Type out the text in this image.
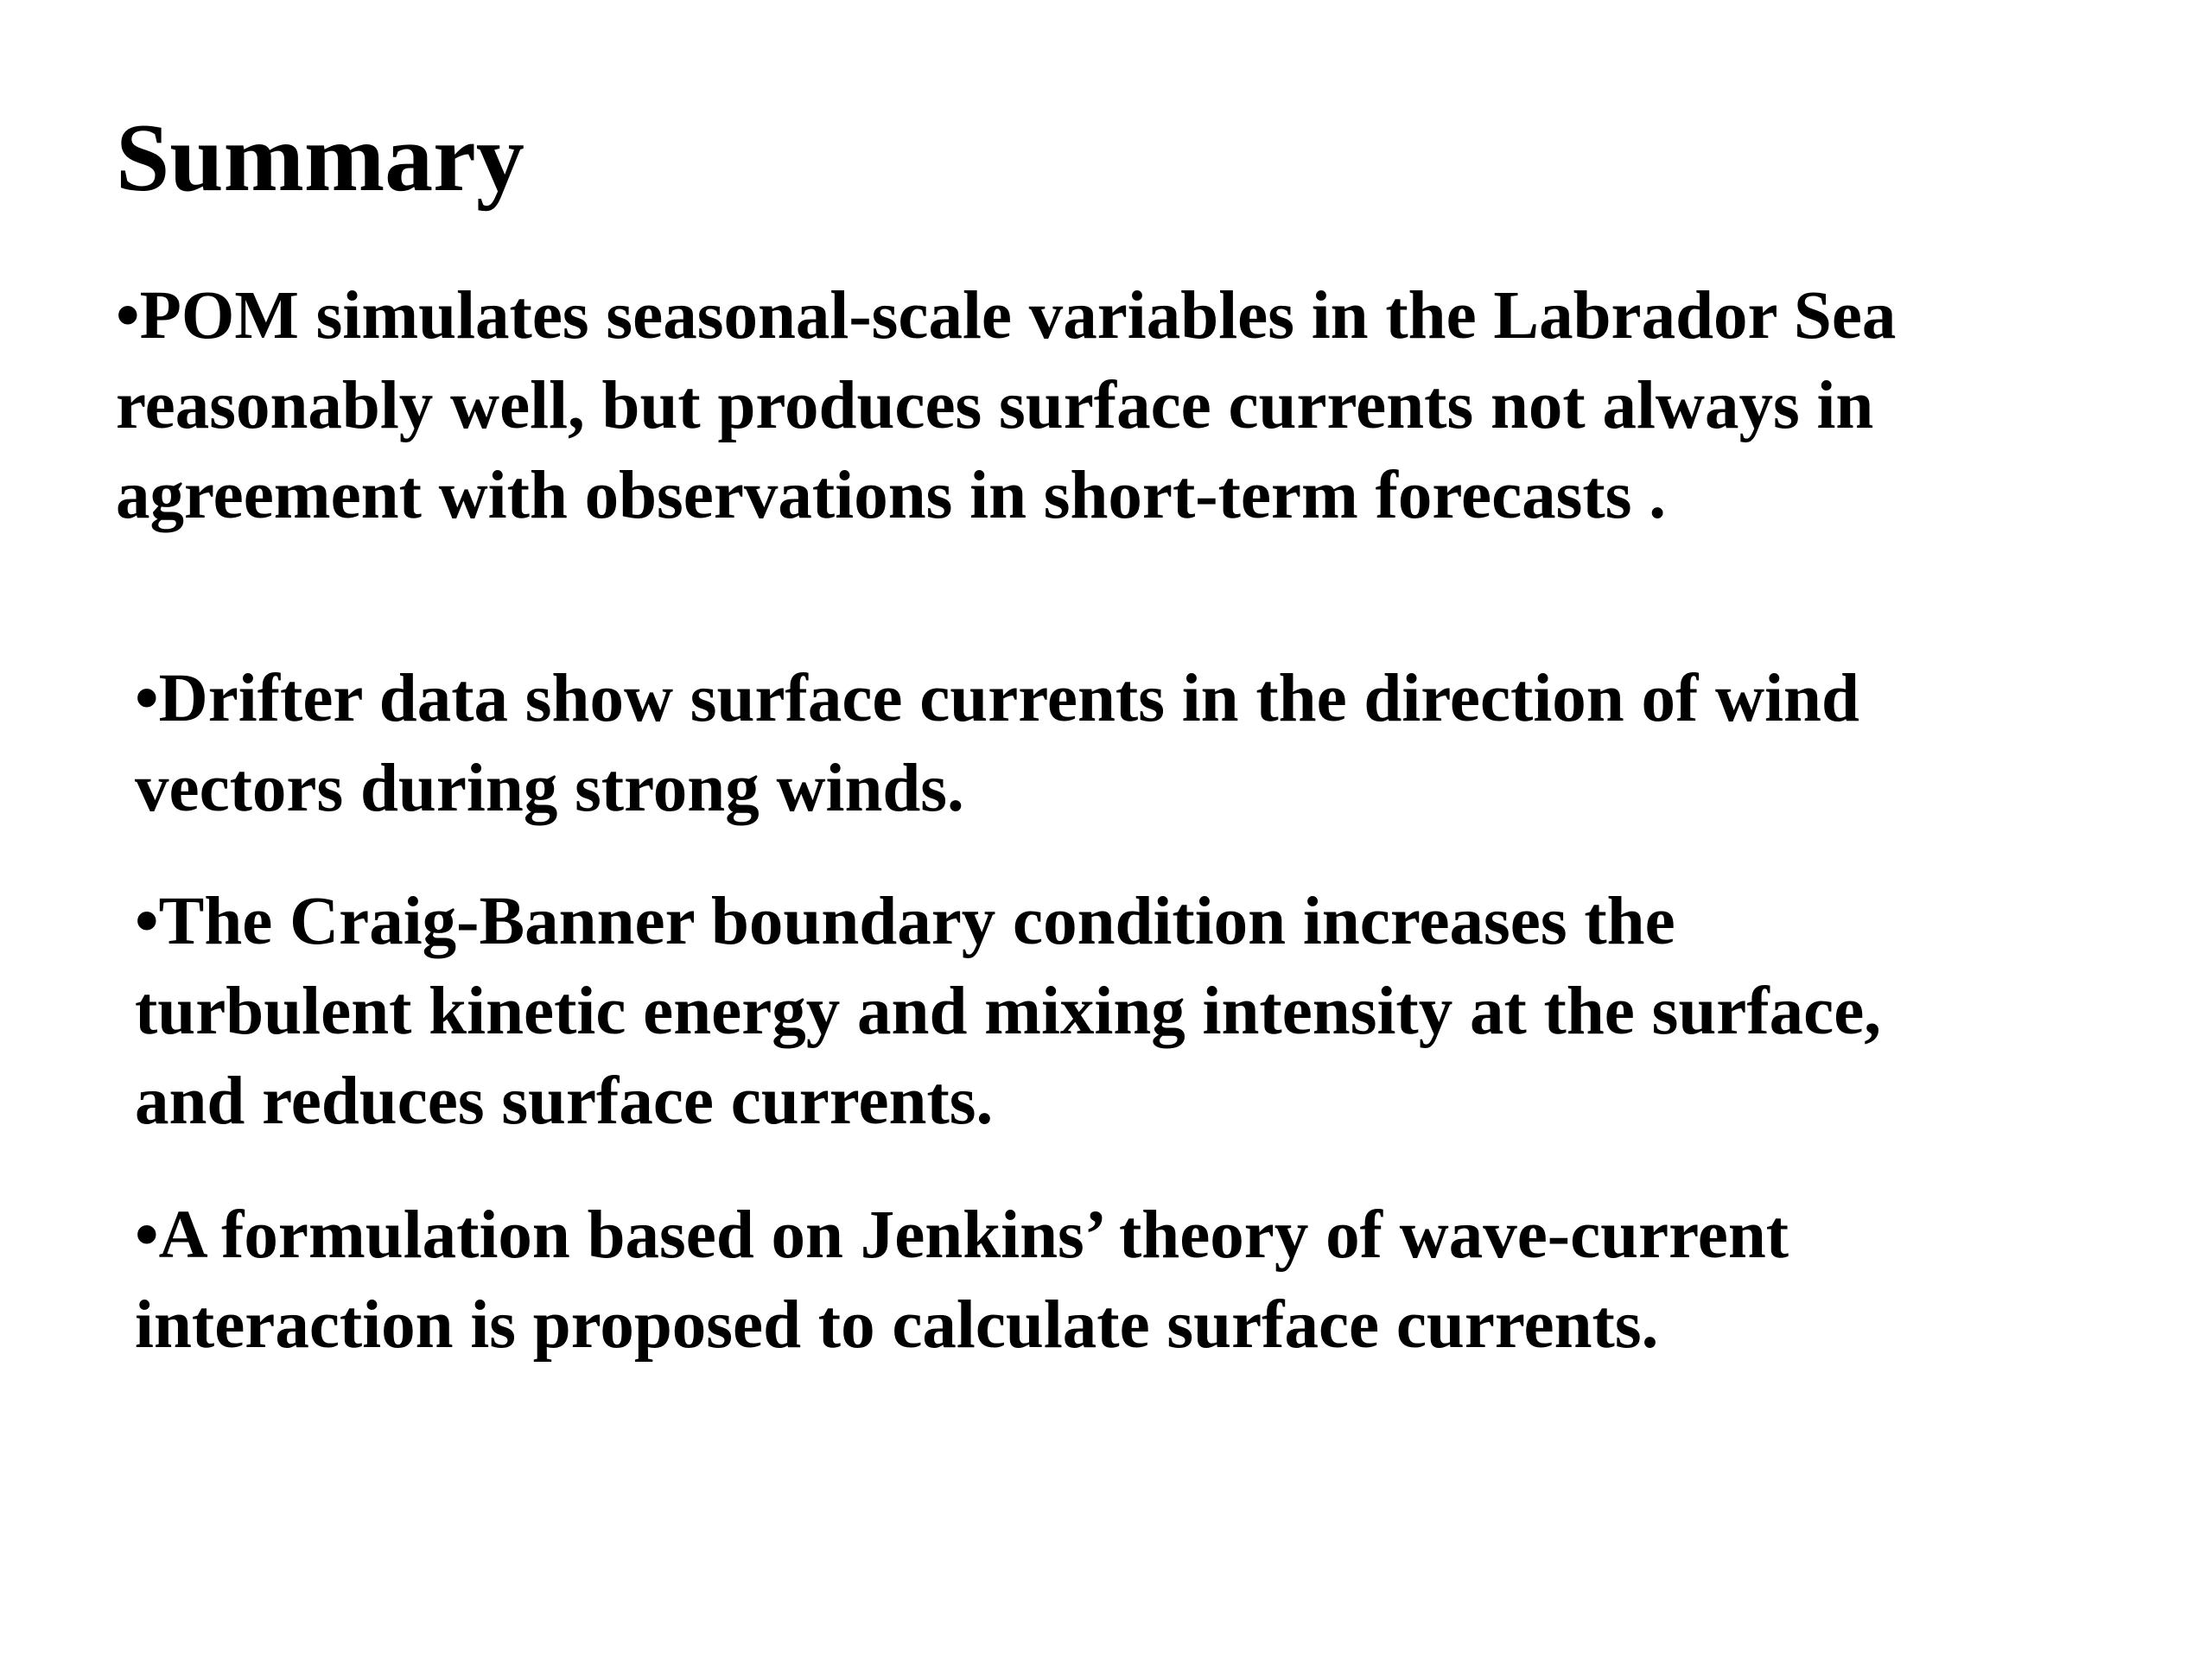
Summary

•POM simulates seasonal-scale variables in the Labrador Sea
reasonably well, but produces surface currents not always in
agreement with observations in short-term forecasts .

•Drifter data show surface currents in the direction of wind
vectors during strong winds.

•The Craig-Banner boundary condition increases the
turbulent kinetic energy and mixing intensity at the surface,
and reduces surface currents.

•A formulation based on Jenkins’ theory of wave-current
interaction is proposed to calculate surface currents.
